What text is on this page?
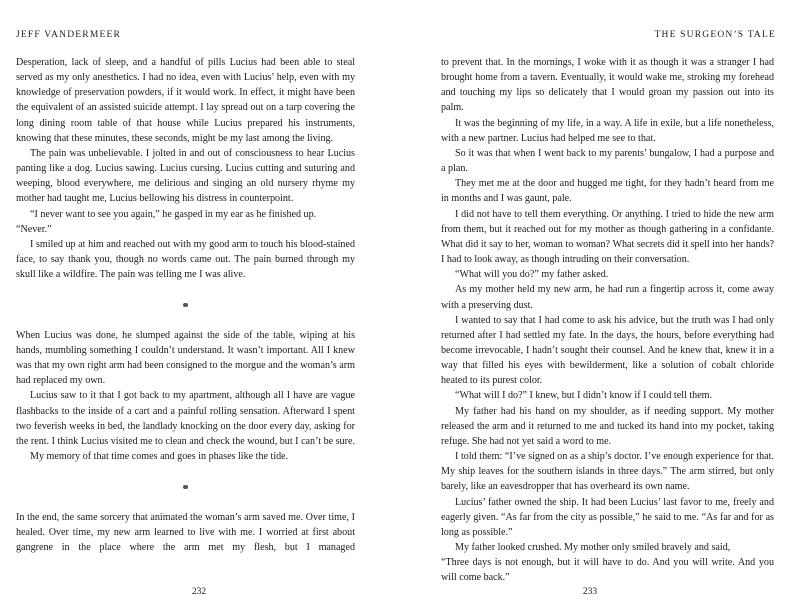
JEFF VANDERMEER

Desperation, lack of sleep, and a handful of pills Lucius had been able to steal served as my only anesthetics. I had no idea, even with Lucius’ help, even with my knowledge of preservation powders, if it would work. In effect, it might have been the equivalent of an assisted suicide attempt. I lay spread out on a tarp covering the long dining room table of that house while Lucius prepared his instruments, knowing that these minutes, these seconds, might be my last among the living.

The pain was unbelievable. I jolted in and out of consciousness to hear Lucius panting like a dog. Lucius sawing. Lucius cursing. Lucius cutting and suturing and weeping, blood everywhere, me delirious and singing an old nursery rhyme my mother had taught me, Lucius bellowing his distress in counterpoint.

“I never want to see you again,” he gasped in my ear as he finished up.

“Never.”

I smiled up at him and reached out with my good arm to touch his blood-stained face, to say thank you, though no words came out. The pain burned through my skull like a wildfire. The pain was telling me I was alive.

When Lucius was done, he slumped against the side of the table, wiping at his hands, mumbling something I couldn’t understand. It wasn’t important. All I knew was that my own right arm had been consigned to the morgue and the woman’s arm had replaced my own.

Lucius saw to it that I got back to my apartment, although all I have are vague flashbacks to the inside of a cart and a painful rolling sensation. Afterward I spent two feverish weeks in bed, the landlady knocking on the door every day, asking for the rent. I think Lucius visited me to clean and check the wound, but I can’t be sure.

My memory of that time comes and goes in phases like the tide.

In the end, the same sorcery that animated the woman’s arm saved me. Over time, I healed. Over time, my new arm learned to live with me. I worried at first about gangrene in the place where the arm met my flesh, but I managed

232
THE SURGEON’S TALE

to prevent that. In the mornings, I woke with it as though it was a stranger I had brought home from a tavern. Eventually, it would wake me, stroking my forehead and touching my lips so delicately that I would groan my passion out into its palm.

It was the beginning of my life, in a way. A life in exile, but a life nonetheless, with a new partner. Lucius had helped me see to that.

So it was that when I went back to my parents’ bungalow, I had a purpose and a plan.

They met me at the door and hugged me tight, for they hadn’t heard from me in months and I was gaunt, pale.

I did not have to tell them everything. Or anything. I tried to hide the new arm from them, but it reached out for my mother as though gathering in a confidante. What did it say to her, woman to woman? What secrets did it spell into her hands? I had to look away, as though intruding on their conversation.

“What will you do?” my father asked.

As my mother held my new arm, he had run a fingertip across it, come away with a preserving dust.

I wanted to say that I had come to ask his advice, but the truth was I had only returned after I had settled my fate. In the days, the hours, before everything had become irrevocable, I hadn’t sought their counsel. And he knew that, knew it in a way that filled his eyes with bewilderment, like a solution of cobalt chloride heated to its purest color.

“What will I do?” I knew, but I didn’t know if I could tell them.

My father had his hand on my shoulder, as if needing support. My mother released the arm and it returned to me and tucked its hand into my pocket, taking refuge. She had not yet said a word to me.

I told them: “I’ve signed on as a ship’s doctor. I’ve enough experience for that. My ship leaves for the southern islands in three days.” The arm stirred, but only barely, like an eavesdropper that has overheard its own name.

Lucius’ father owned the ship. It had been Lucius’ last favor to me, freely and eagerly given. “As far from the city as possible,” he said to me. “As far and for as long as possible.”

My father looked crushed. My mother only smiled bravely and said,

“Three days is not enough, but it will have to do. And you will write. And you will come back.”

233
